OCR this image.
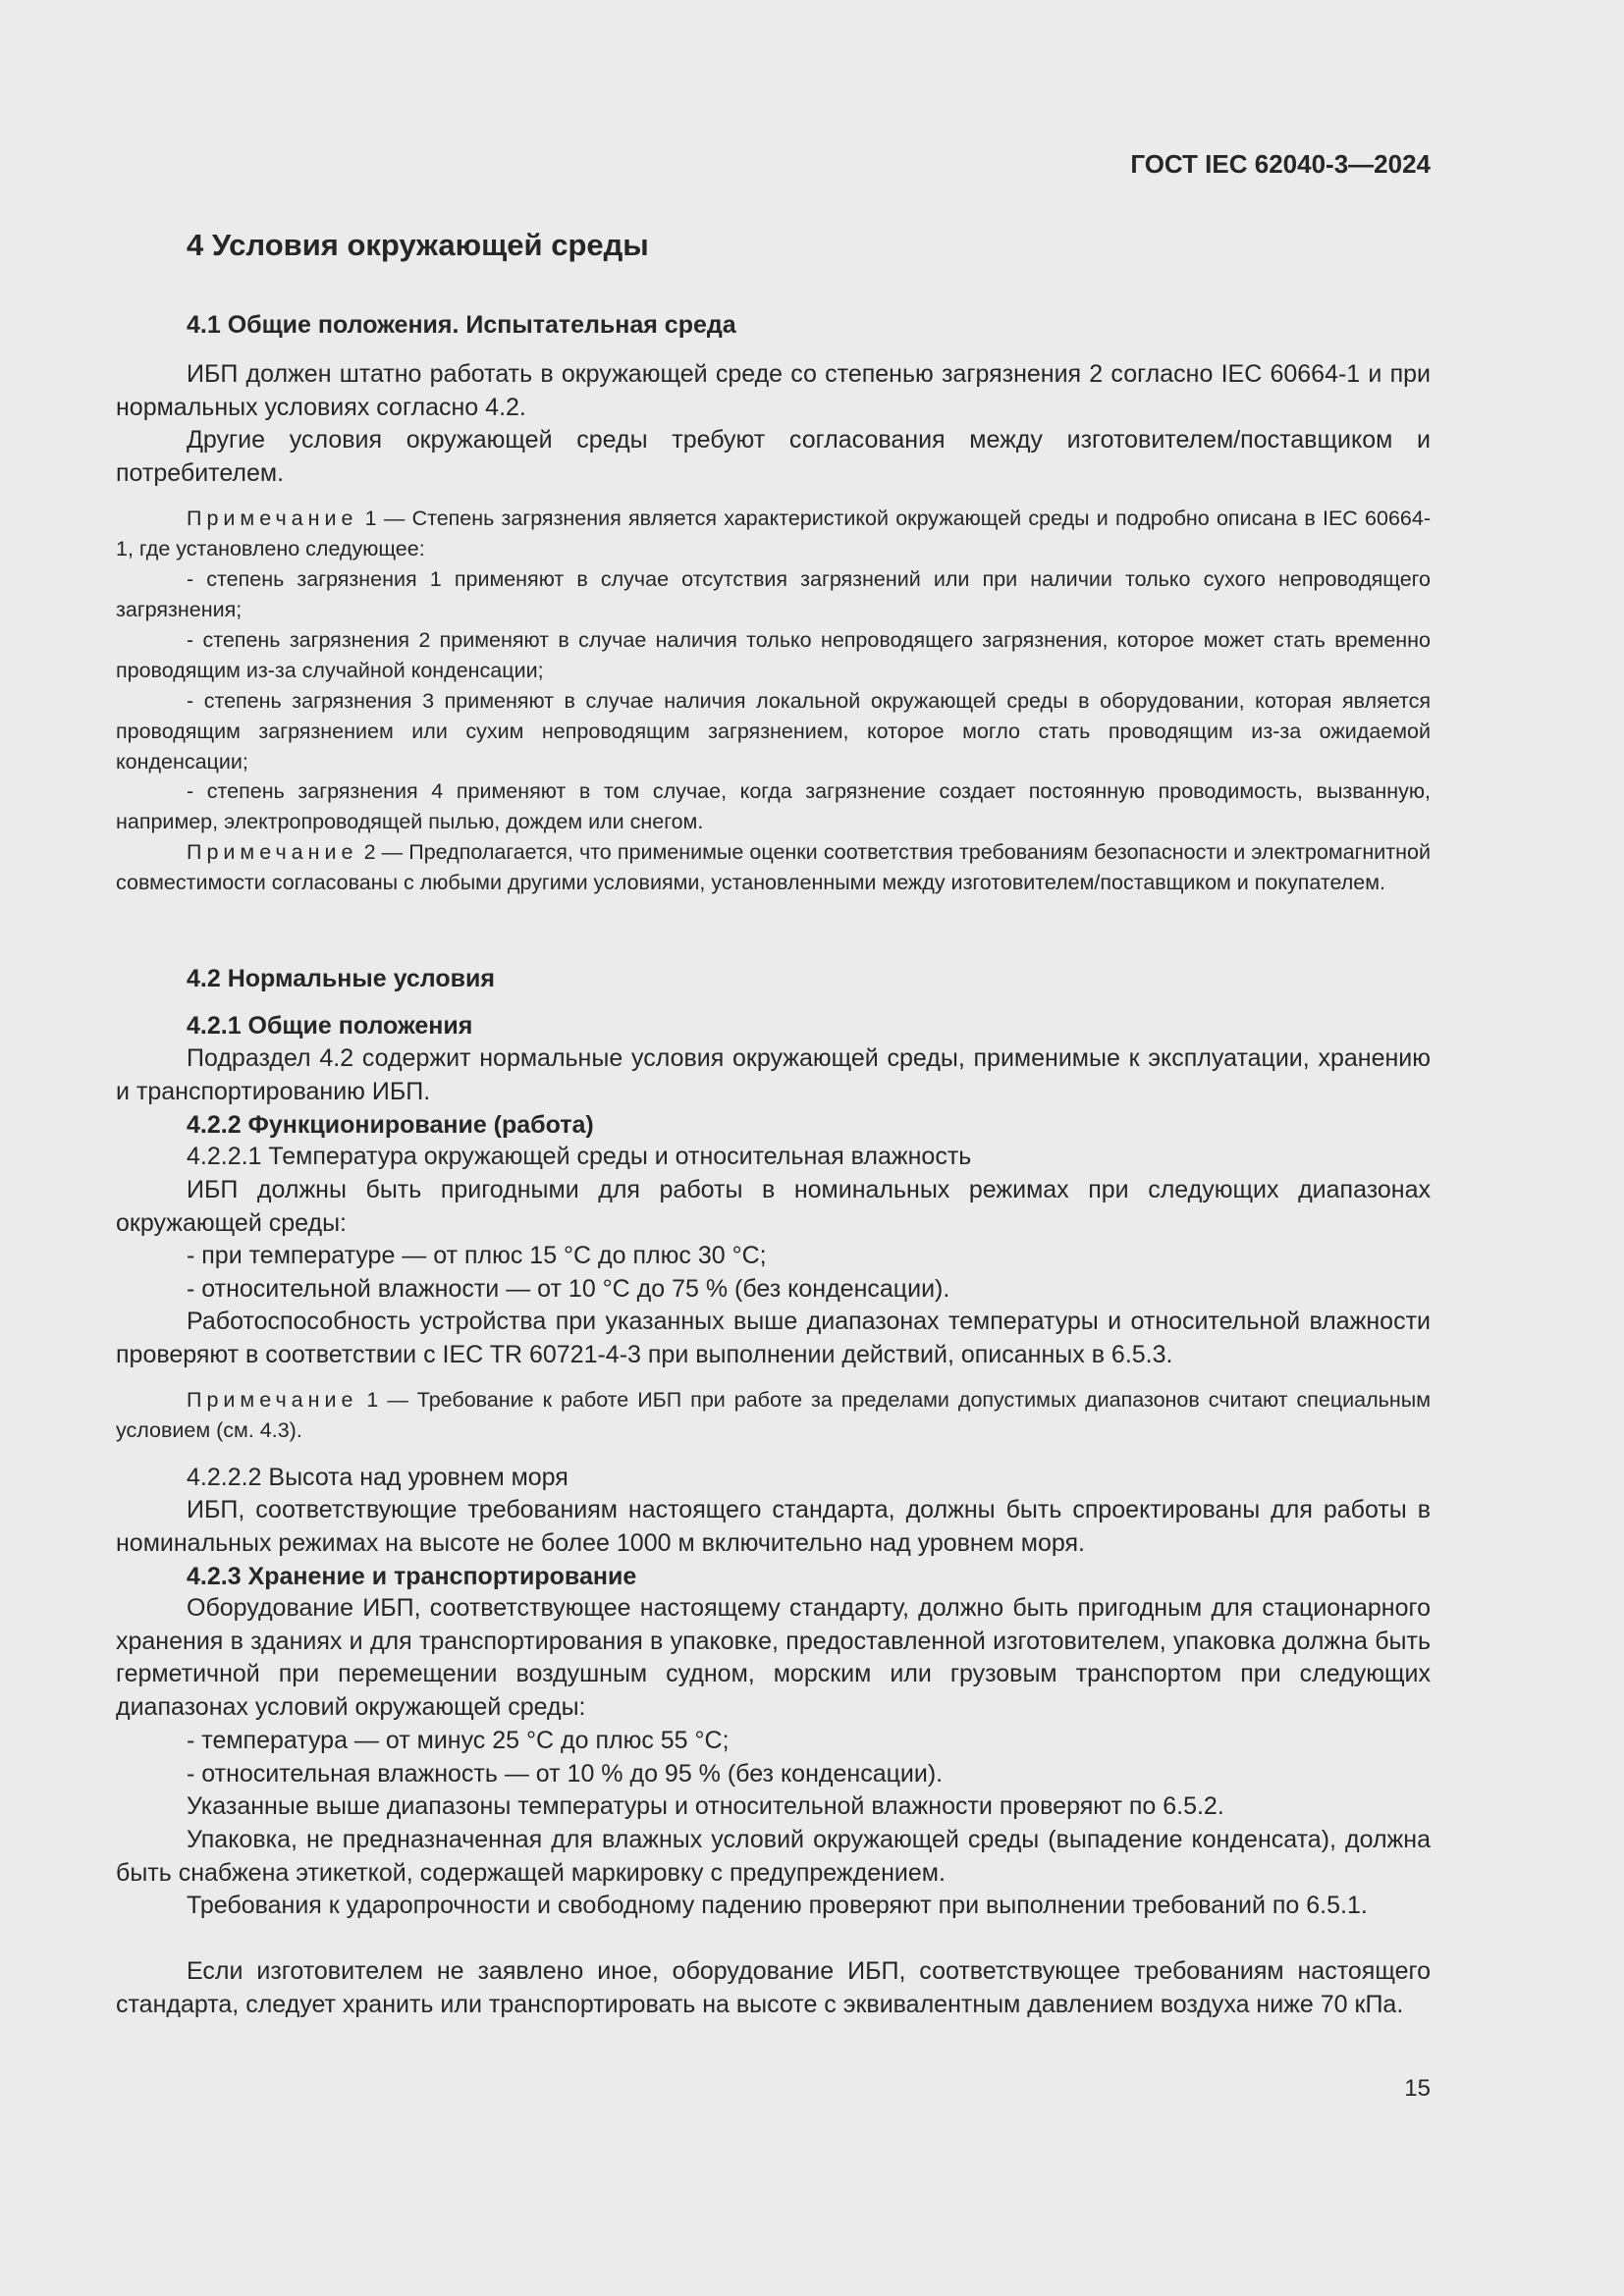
ГОСТ IEC 62040-3—2024
4 Условия окружающей среды
4.1 Общие положения. Испытательная среда
ИБП должен штатно работать в окружающей среде со степенью загрязнения 2 согласно IEC 60664-1 и при нормальных условиях согласно 4.2.
Другие условия окружающей среды требуют согласования между изготовителем/поставщиком и потребителем.
Примечание 1 — Степень загрязнения является характеристикой окружающей среды и подробно описана в IEC 60664-1, где установлено следующее:
- степень загрязнения 1 применяют в случае отсутствия загрязнений или при наличии только сухого непроводящего загрязнения;
- степень загрязнения 2 применяют в случае наличия только непроводящего загрязнения, которое может стать временно проводящим из-за случайной конденсации;
- степень загрязнения 3 применяют в случае наличия локальной окружающей среды в оборудовании, которая является проводящим загрязнением или сухим непроводящим загрязнением, которое могло стать проводящим из-за ожидаемой конденсации;
- степень загрязнения 4 применяют в том случае, когда загрязнение создает постоянную проводимость, вызванную, например, электропроводящей пылью, дождем или снегом.
Примечание 2 — Предполагается, что применимые оценки соответствия требованиям безопасности и электромагнитной совместимости согласованы с любыми другими условиями, установленными между изготовителем/поставщиком и покупателем.
4.2 Нормальные условия
4.2.1 Общие положения
Подраздел 4.2 содержит нормальные условия окружающей среды, применимые к эксплуатации, хранению и транспортированию ИБП.
4.2.2 Функционирование (работа)
4.2.2.1 Температура окружающей среды и относительная влажность
ИБП должны быть пригодными для работы в номинальных режимах при следующих диапазонах окружающей среды:
- при температуре — от плюс 15 °C до плюс 30 °C;
- относительной влажности — от 10 °C до 75 % (без конденсации).
Работоспособность устройства при указанных выше диапазонах температуры и относительной влажности проверяют в соответствии с IEC TR 60721-4-3 при выполнении действий, описанных в 6.5.3.
Примечание 1 — Требование к работе ИБП при работе за пределами допустимых диапазонов считают специальным условием (см. 4.3).
4.2.2.2 Высота над уровнем моря
ИБП, соответствующие требованиям настоящего стандарта, должны быть спроектированы для работы в номинальных режимах на высоте не более 1000 м включительно над уровнем моря.
4.2.3 Хранение и транспортирование
Оборудование ИБП, соответствующее настоящему стандарту, должно быть пригодным для стационарного хранения в зданиях и для транспортирования в упаковке, предоставленной изготовителем, упаковка должна быть герметичной при перемещении воздушным судном, морским или грузовым транспортом при следующих диапазонах условий окружающей среды:
- температура — от минус 25 °C до плюс 55 °C;
- относительная влажность — от 10 % до 95 % (без конденсации).
Указанные выше диапазоны температуры и относительной влажности проверяют по 6.5.2.
Упаковка, не предназначенная для влажных условий окружающей среды (выпадение конденсата), должна быть снабжена этикеткой, содержащей маркировку с предупреждением.
Требования к ударопрочности и свободному падению проверяют при выполнении требований по 6.5.1.
Если изготовителем не заявлено иное, оборудование ИБП, соответствующее требованиям настоящего стандарта, следует хранить или транспортировать на высоте с эквивалентным давлением воздуха ниже 70 кПа.
15
